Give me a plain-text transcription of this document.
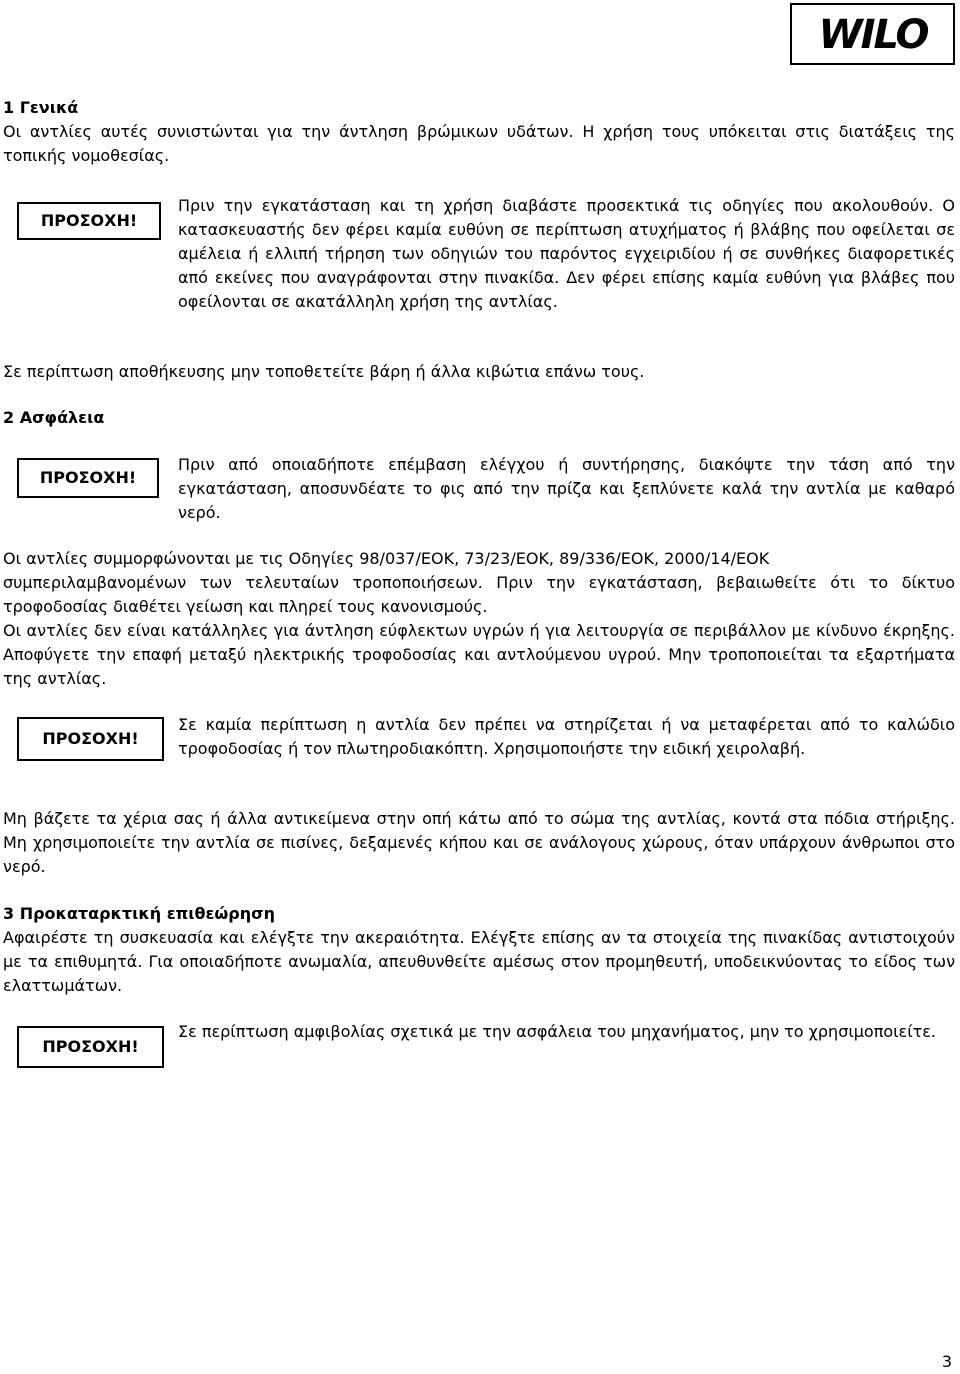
WILO
1 Γενικά

Οι αντλίες αυτές συνιστώνται για την άντληση βρώμικων υδάτων. Η χρήση τους υπόκειται στις διατάξεις της τοπικής νομοθεσίας.

ΠΡΟΣΟΧΗ!

Πριν την εγκατάσταση και τη χρήση διαβάστε προσεκτικά τις οδηγίες που ακολουθούν. Ο κατασκευαστής δεν φέρει καμία ευθύνη σε περίπτωση ατυχήματος ή βλάβης που οφείλεται σε αμέλεια ή ελλιπή τήρηση των οδηγιών του παρόντος εγχειριδίου ή σε συνθήκες διαφορετικές από εκείνες που αναγράφονται στην πινακίδα. Δεν φέρει επίσης καμία ευθύνη για βλάβες που οφείλονται σε ακατάλληλη χρήση της αντλίας.

Σε περίπτωση αποθήκευσης μην τοποθετείτε βάρη ή άλλα κιβώτια επάνω τους.

2 Ασφάλεια
ΠΡΟΣΟΧΗ!

Πριν από οποιαδήποτε επέμβαση ελέγχου ή συντήρησης, διακόψτε την τάση από την εγκατάσταση, αποσυνδέατε το φις από την πρίζα και ξεπλύνετε καλά την αντλία με καθαρό νερό.

Οι αντλίες συμμορφώνονται με τις Οδηγίες 98/037/ΕΟΚ, 73/23/ΕΟΚ, 89/336/ΕΟΚ, 2000/14/ΕΟΚ

συμπεριλαμβανομένων των τελευταίων τροποποιήσεων. Πριν την εγκατάσταση, βεβαιωθείτε ότι το δίκτυο τροφοδοσίας διαθέτει γείωση και πληρεί τους κανονισμούς.

Οι αντλίες δεν είναι κατάλληλες για άντληση εύφλεκτων υγρών ή για λειτουργία σε περιβάλλον με κίνδυνο έκρηξης. Αποφύγετε την επαφή μεταξύ ηλεκτρικής τροφοδοσίας και αντλούμενου υγρού. Μην τροποποιείται τα εξαρτήματα της αντλίας.

ΠΡΟΣΟΧΗ!

Σε καμία περίπτωση η αντλία δεν πρέπει να στηρίζεται ή να μεταφέρεται από το καλώδιο τροφοδοσίας ή τον πλωτηροδιακόπτη. Χρησιμοποιήστε την ειδική χειρολαβή.

Μη βάζετε τα χέρια σας ή άλλα αντικείμενα στην οπή κάτω από το σώμα της αντλίας, κοντά στα πόδια στήριξης. Μη χρησιμοποιείτε την αντλία σε πισίνες, δεξαμενές κήπου και σε ανάλογους χώρους, όταν υπάρχουν άνθρωποι στο νερό.

3 Προκαταρκτική επιθεώρηση

Αφαιρέστε τη συσκευασία και ελέγξτε την ακεραιότητα. Ελέγξτε επίσης αν τα στοιχεία της πινακίδας αντιστοιχούν με τα επιθυμητά. Για οποιαδήποτε ανωμαλία, απευθυνθείτε αμέσως στον προμηθευτή, υποδεικνύοντας το είδος των ελαττωμάτων.

ΠΡΟΣΟΧΗ!

Σε περίπτωση αμφιβολίας σχετικά με την ασφάλεια του μηχανήματος, μην το χρησιμοποιείτε.

3
